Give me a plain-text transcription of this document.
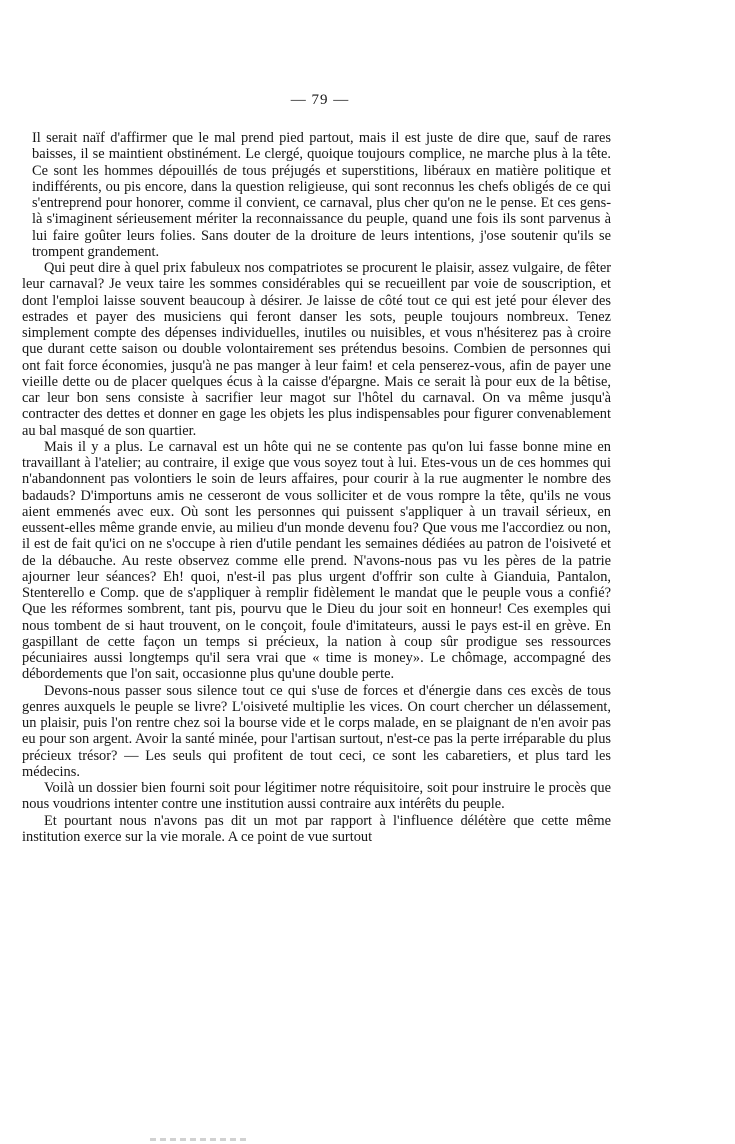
— 79 —

Il serait naïf d'affirmer que le mal prend pied partout, mais il est juste de dire que, sauf de rares baisses, il se maintient obstinément. Le clergé, quoique toujours complice, ne marche plus à la tête. Ce sont les hommes dépouillés de tous préjugés et superstitions, libéraux en matière politique et indifférents, ou pis encore, dans la question religieuse, qui sont reconnus les chefs obligés de ce qui s'entreprend pour honorer, comme il convient, ce carnaval, plus cher qu'on ne le pense. Et ces gens-là s'imaginent sérieusement mériter la reconnaissance du peuple, quand une fois ils sont parvenus à lui faire goûter leurs folies. Sans douter de la droiture de leurs intentions, j'ose soutenir qu'ils se trompent grandement.

Qui peut dire à quel prix fabuleux nos compatriotes se procurent le plaisir, assez vulgaire, de fêter leur carnaval? Je veux taire les sommes considérables qui se recueillent par voie de souscription, et dont l'emploi laisse souvent beaucoup à désirer. Je laisse de côté tout ce qui est jeté pour élever des estrades et payer des musiciens qui feront danser les sots, peuple toujours nombreux. Tenez simplement compte des dépenses individuelles, inutiles ou nuisibles, et vous n'hésiterez pas à croire que durant cette saison ou double volontairement ses prétendus besoins. Combien de personnes qui ont fait force économies, jusqu'à ne pas manger à leur faim! et cela penserez-vous, afin de payer une vieille dette ou de placer quelques écus à la caisse d'épargne. Mais ce serait là pour eux de la bêtise, car leur bon sens consiste à sacrifier leur magot sur l'hôtel du carnaval. On va même jusqu'à contracter des dettes et donner en gage les objets les plus indispensables pour figurer convenablement au bal masqué de son quartier.

Mais il y a plus. Le carnaval est un hôte qui ne se contente pas qu'on lui fasse bonne mine en travaillant à l'atelier; au contraire, il exige que vous soyez tout à lui. Etes-vous un de ces hommes qui n'abandonnent pas volontiers le soin de leurs affaires, pour courir à la rue augmenter le nombre des badauds? D'importuns amis ne cesseront de vous solliciter et de vous rompre la tête, qu'ils ne vous aient emmenés avec eux. Où sont les personnes qui puissent s'appliquer à un travail sérieux, en eussent-elles même grande envie, au milieu d'un monde devenu fou? Que vous me l'accordiez ou non, il est de fait qu'ici on ne s'occupe à rien d'utile pendant les semaines dédiées au patron de l'oisiveté et de la débauche. Au reste observez comme elle prend. N'avons-nous pas vu les pères de la patrie ajourner leur séances? Eh! quoi, n'est-il pas plus urgent d'offrir son culte à Gianduia, Pantalon, Stenterello e Comp. que de s'appliquer à remplir fidèlement le mandat que le peuple vous a confié? Que les réformes sombrent, tant pis, pourvu que le Dieu du jour soit en honneur! Ces exemples qui nous tombent de si haut trouvent, on le conçoit, foule d'imitateurs, aussi le pays est-il en grève. En gaspillant de cette façon un temps si précieux, la nation à coup sûr prodigue ses ressources pécuniaires aussi longtemps qu'il sera vrai que « time is money». Le chômage, accompagné des débordements que l'on sait, occasionne plus qu'une double perte.

Devons-nous passer sous silence tout ce qui s'use de forces et d'énergie dans ces excès de tous genres auxquels le peuple se livre? L'oisiveté multiplie les vices. On court chercher un délassement, un plaisir, puis l'on rentre chez soi la bourse vide et le corps malade, en se plaignant de n'en avoir pas eu pour son argent. Avoir la santé minée, pour l'artisan surtout, n'est-ce pas la perte irréparable du plus précieux trésor? — Les seuls qui profitent de tout ceci, ce sont les cabaretiers, et plus tard les médecins.

Voilà un dossier bien fourni soit pour légitimer notre réquisitoire, soit pour instruire le procès que nous voudrions intenter contre une institution aussi contraire aux intérêts du peuple.

Et pourtant nous n'avons pas dit un mot par rapport à l'influence délétère que cette même institution exerce sur la vie morale. A ce point de vue surtout
